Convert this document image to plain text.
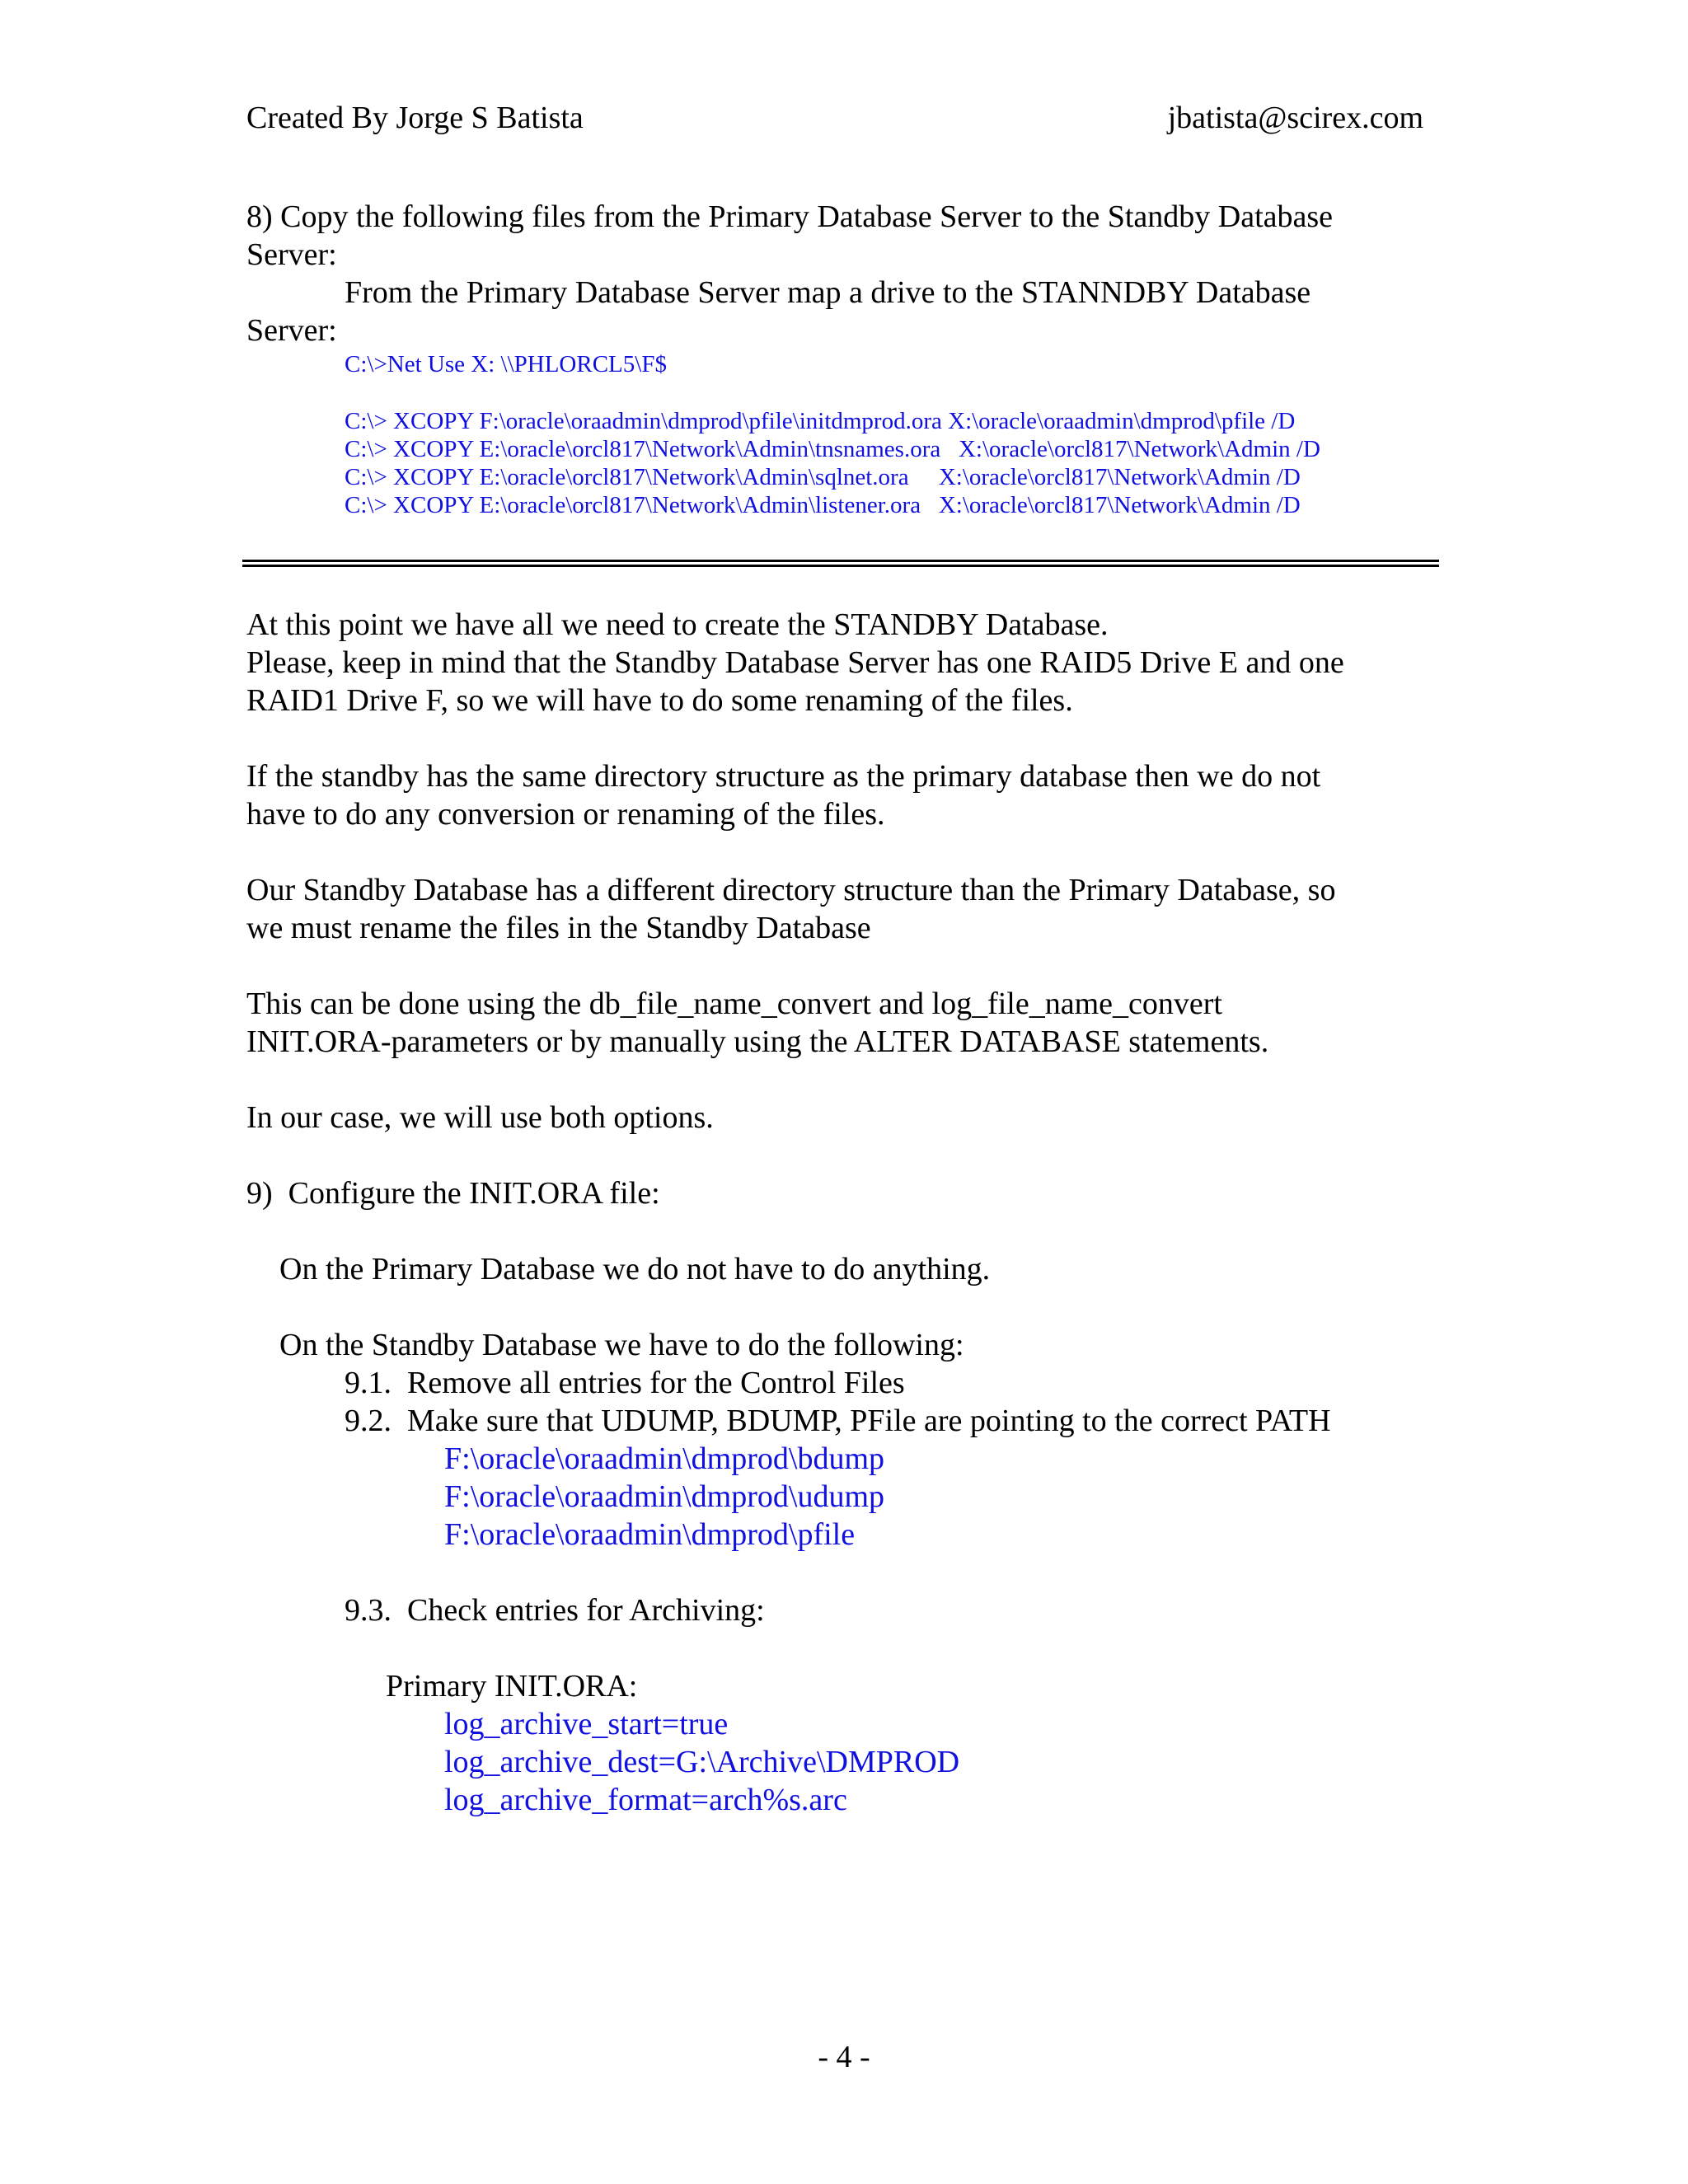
Created By Jorge S Batista	jbatista@scirex.com
8) Copy the following files from the Primary Database Server to the Standby Database
Server:
From the Primary Database Server map a drive to the STANNDBY Database
Server:
C:\>Net Use X: \\PHLORCL5\F$
C:\> XCOPY F:\oracle\oraadmin\dmprod\pfile\initdmprod.ora X:\oracle\oraadmin\dmprod\pfile /D
C:\> XCOPY E:\oracle\orcl817\Network\Admin\tnsnames.ora   X:\oracle\orcl817\Network\Admin /D
C:\> XCOPY E:\oracle\orcl817\Network\Admin\sqlnet.ora     X:\oracle\orcl817\Network\Admin /D
C:\> XCOPY E:\oracle\orcl817\Network\Admin\listener.ora   X:\oracle\orcl817\Network\Admin /D
At this point we have all we need to create the STANDBY Database.
Please, keep in mind that the Standby Database Server has one RAID5 Drive E and one
RAID1 Drive F, so we will have to do some renaming of the files.
If the standby has the same directory structure as the primary database then we do not
have to do any conversion or renaming of the files.
Our Standby Database has a different directory structure than the Primary Database, so
we must rename the files in the Standby Database
This can be done using the db_file_name_convert and log_file_name_convert
INIT.ORA-parameters or by manually using the ALTER DATABASE statements.
In our case, we will use both options.
9)  Configure the INIT.ORA file:
On the Primary Database we do not have to do anything.
On the Standby Database we have to do the following:
9.1.  Remove all entries for the Control Files
9.2.  Make sure that UDUMP, BDUMP, PFile are pointing to the correct PATH
F:\oracle\oraadmin\dmprod\bdump
F:\oracle\oraadmin\dmprod\udump
F:\oracle\oraadmin\dmprod\pfile
9.3.  Check entries for Archiving:
Primary INIT.ORA:
log_archive_start=true
log_archive_dest=G:\Archive\DMPROD
log_archive_format=arch%s.arc
- 4 -
